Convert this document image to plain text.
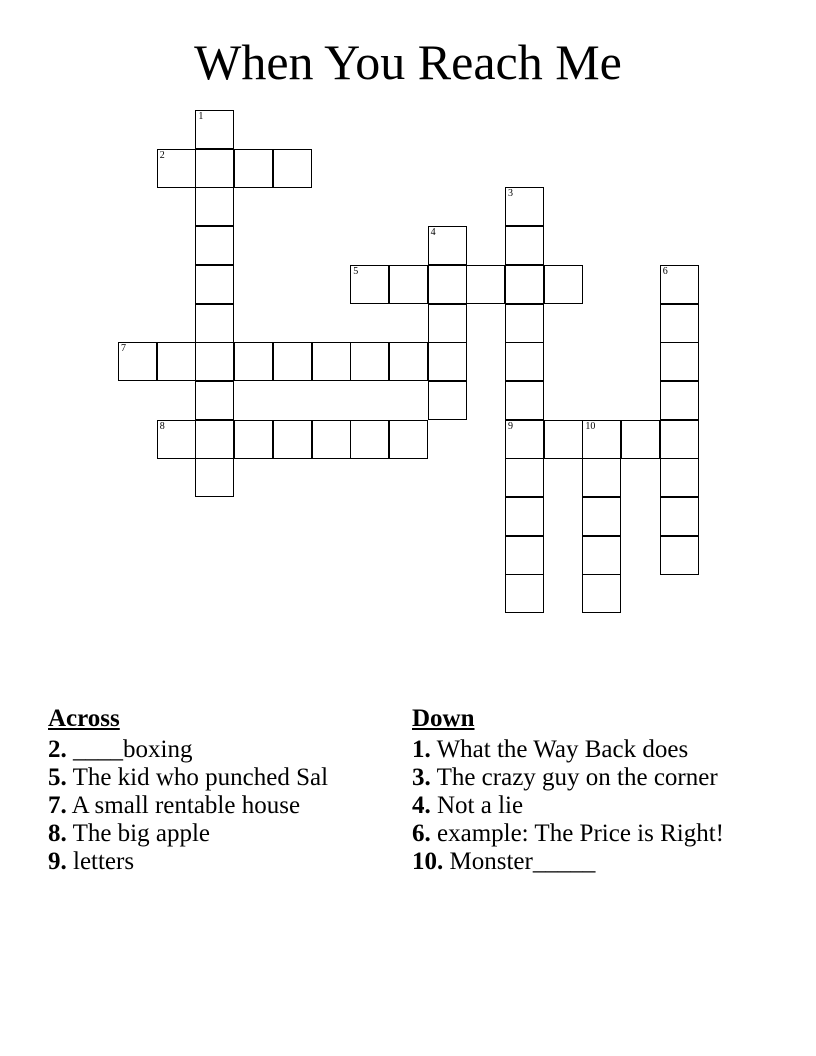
When You Reach Me
1
2
3
4
5	6
7
8	9	10
Across
2. ____boxing
5. The kid who punched Sal
7. A small rentable house
8. The big apple
9. letters
Down
1. What the Way Back does
3. The crazy guy on the corner
4. Not a lie
6. example: The Price is Right!
10. Monster_____
